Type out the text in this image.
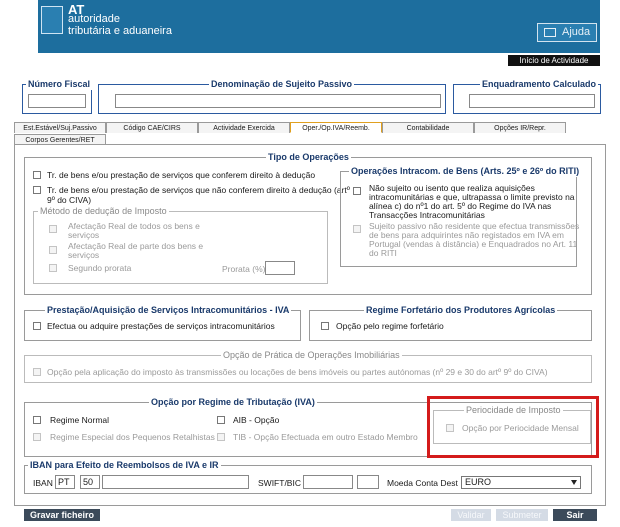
AT
autoridade
tributária e aduaneira	Ajuda
Início de Actividade
Número Fiscal	Denominação de Sujeito Passivo	Enquadramento Calculado
Est.Estável/Suj.Passivo	Código CAE/CIRS	Actividade Exercida	Oper./Op.IVA/Reemb.	Contabilidade	Opções IR/Repr.
Corpos Gerentes/RET
Tipo de Operações
Tr. de bens e/ou prestação de serviços que conferem direito à dedução
Tr. de bens e/ou prestação de serviços que não conferem direito à dedução (artº
9º do CIVA)
Método de dedução de Imposto
Afectação Real de todos os bens e
serviços
Afectação Real de parte dos bens e
serviços
Segundo prorata	Prorata (%)
Operações Intracom. de Bens (Arts. 25º e 26º do RITI)
Não sujeito ou isento que realiza aquisições
intracomunitárias e que, ultrapassa o limite previsto na
alínea c) do nº1 do art. 5º do Regime do IVA nas
Transacções Intracomunitárias
Sujeito passivo não residente que efectua transmissões
de bens para adquirintes não registados em IVA em
Portugal (vendas à distância) e Enquadrados no Art. 11
do RITI
Prestação/Aquisição de Serviços Intracomunitários - IVA
Efectua ou adquire prestações de serviços intracomunitários
Regime Forfetário dos Produtores Agrícolas
Opção pelo regime forfetário
Opção de Prática de Operações Imobiliárias
Opção pela aplicação do imposto às transmissões ou locações de bens imóveis ou partes autónomas (nº 29 e 30 do artº 9º do CIVA)
Opção por Regime de Tributação (IVA)
Regime Normal	AIB - Opção
Regime Especial dos Pequenos Retalhistas TIB - Opção Efectuada em outro Estado Membro
Periocidade de Imposto
Opção por Periocidade Mensal
IBAN para Efeito de Reembolsos de IVA e IR
IBAN PT	50	SWIFT/BIC	Moeda Conta Dest EURO
Gravar ficheiro	Validar	Submeter	Sair
